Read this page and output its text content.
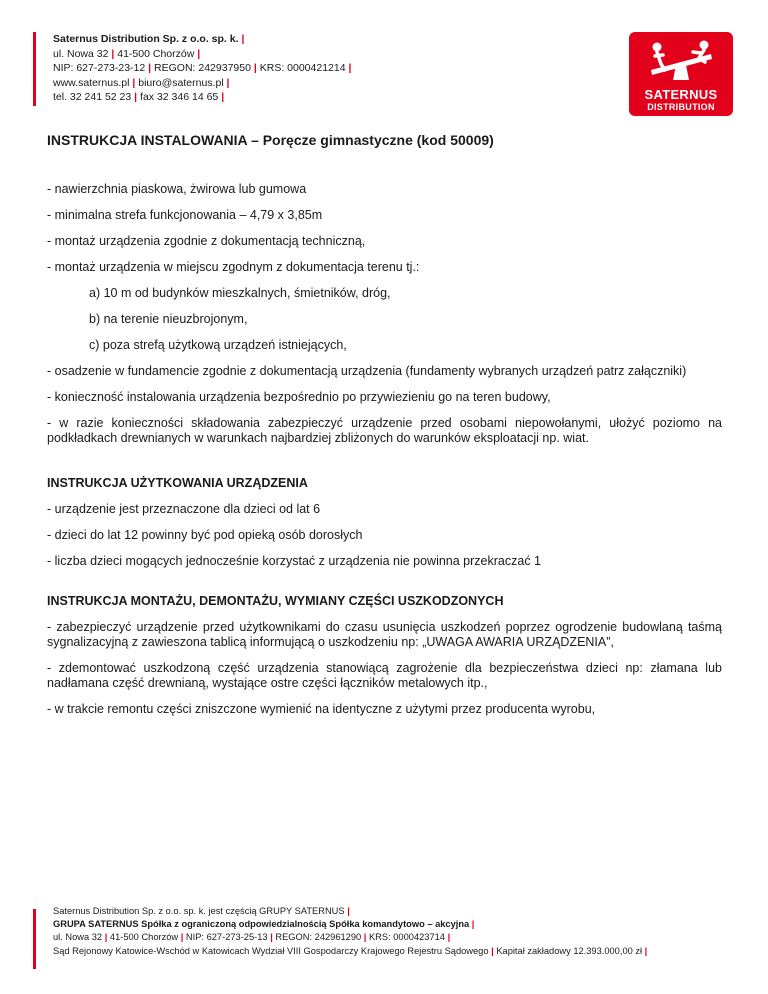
Saternus Distribution Sp. z o.o. sp. k. |
ul. Nowa 32 | 41-500 Chorzów |
NIP: 627-273-23-12 | REGON: 242937950 | KRS: 0000421214 |
www.saternus.pl | biuro@saternus.pl |
tel. 32 241 52 23 | fax 32 346 14 65 |	SATERNUS
DISTRIBUTION
INSTRUKCJA INSTALOWANIA – Poręcze gimnastyczne (kod 50009)

- nawierzchnia piaskowa, żwirowa lub gumowa

- minimalna strefa funkcjonowania – 4,79 x 3,85m

- montaż urządzenia zgodnie z dokumentacją techniczną,

- montaż urządzenia w miejscu zgodnym z dokumentacja terenu tj.:

a) 10 m od budynków mieszkalnych, śmietników, dróg,

b) na terenie nieuzbrojonym,

c) poza strefą użytkową urządzeń istniejących,

- osadzenie w fundamencie zgodnie z dokumentacją urządzenia (fundamenty wybranych urządzeń patrz załączniki)

- konieczność instalowania urządzenia bezpośrednio po przywiezieniu go na teren budowy,

- w razie konieczności składowania zabezpieczyć urządzenie przed osobami niepowołanymi, ułożyć poziomo na podkładkach drewnianych w warunkach najbardziej zbliżonych do warunków eksploatacji np. wiat.

INSTRUKCJA UŻYTKOWANIA URZĄDZENIA

- urządzenie jest przeznaczone dla dzieci od lat 6

- dzieci do lat 12 powinny być pod opieką osób dorosłych

- liczba dzieci mogących jednocześnie korzystać z urządzenia nie powinna przekraczać 1

INSTRUKCJA MONTAŻU, DEMONTAŻU, WYMIANY CZĘŚCI USZKODZONYCH

- zabezpieczyć urządzenie przed użytkownikami do czasu usunięcia uszkodzeń poprzez ogrodzenie budowlaną taśmą sygnalizacyjną z zawieszona tablicą informującą o uszkodzeniu np: „UWAGA AWARIA URZĄDZENIA”,

- zdemontować uszkodzoną część urządzenia stanowiącą zagrożenie dla bezpieczeństwa dzieci np: złamana lub nadłamana część drewnianą, wystające ostre części łączników metalowych itp.,

- w trakcie remontu części zniszczone wymienić na identyczne z użytymi przez producenta wyrobu,

Saternus Distribution Sp. z o.o. sp. k. jest częścią GRUPY SATERNUS |
GRUPA SATERNUS Spółka z ograniczoną odpowiedzialnością Spółka komandytowo – akcyjna |
ul. Nowa 32 | 41-500 Chorzów | NIP: 627-273-25-13 | REGON: 242961290 | KRS: 0000423714 |
Sąd Rejonowy Katowice-Wschód w Katowicach Wydział VIII Gospodarczy Krajowego Rejestru Sądowego | Kapitał zakładowy 12.393.000,00 zł |
